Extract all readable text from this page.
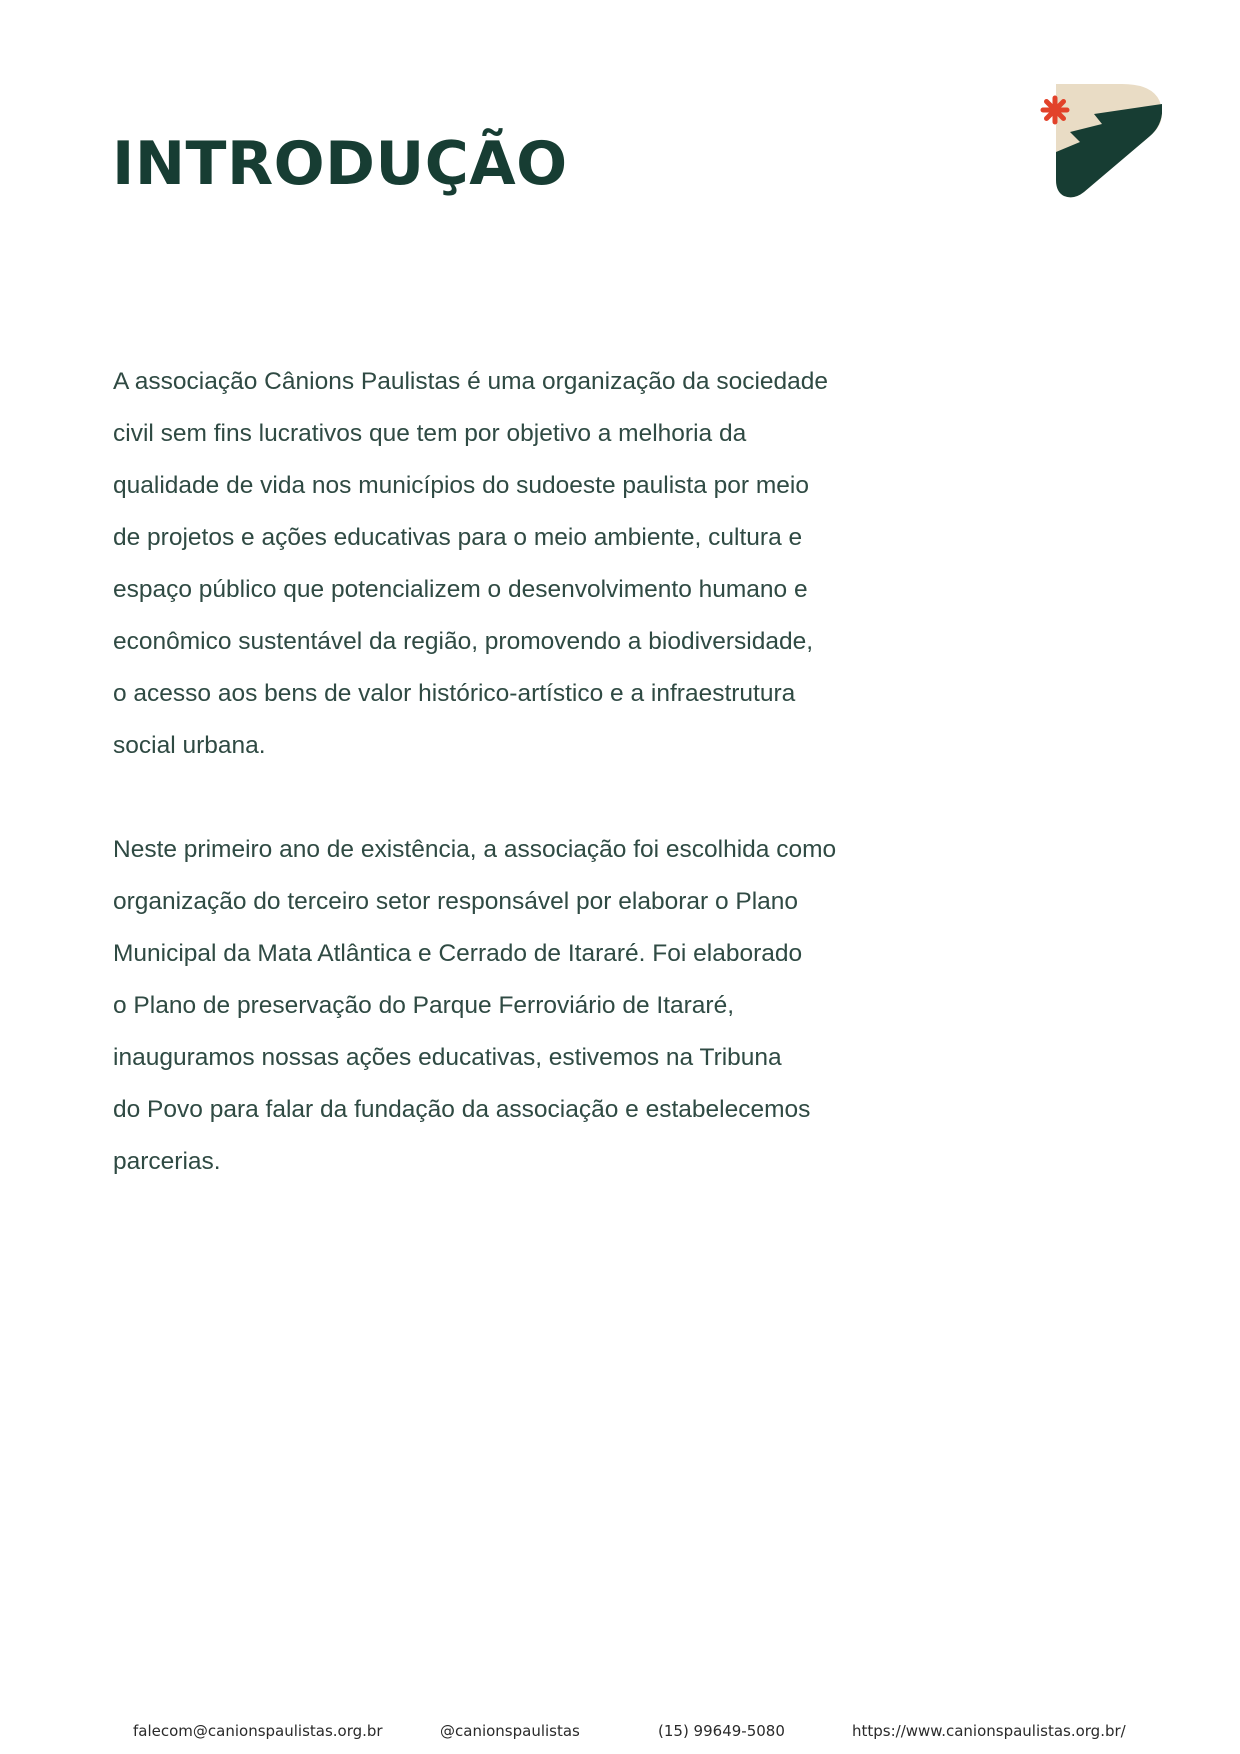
INTRODUÇÃO
A associação Cânions Paulistas é uma organização da sociedade
civil sem fins lucrativos que tem por objetivo a melhoria da
qualidade de vida nos municípios do sudoeste paulista por meio
de projetos e ações educativas para o meio ambiente, cultura e
espaço público que potencializem o desenvolvimento humano e
econômico sustentável da região, promovendo a biodiversidade,
o acesso aos bens de valor histórico-artístico e a infraestrutura
social urbana.
Neste primeiro ano de existência, a associação foi escolhida como
organização do terceiro setor responsável por elaborar o Plano
Municipal da Mata Atlântica e Cerrado de Itararé. Foi elaborado
o Plano de preservação do Parque Ferroviário de Itararé,
inauguramos nossas ações educativas, estivemos na Tribuna
do Povo para falar da fundação da associação e estabelecemos
parcerias.
falecom@canionspaulistas.org.br	@canionspaulistas	(15) 99649-5080	https://www.canionspaulistas.org.br/
